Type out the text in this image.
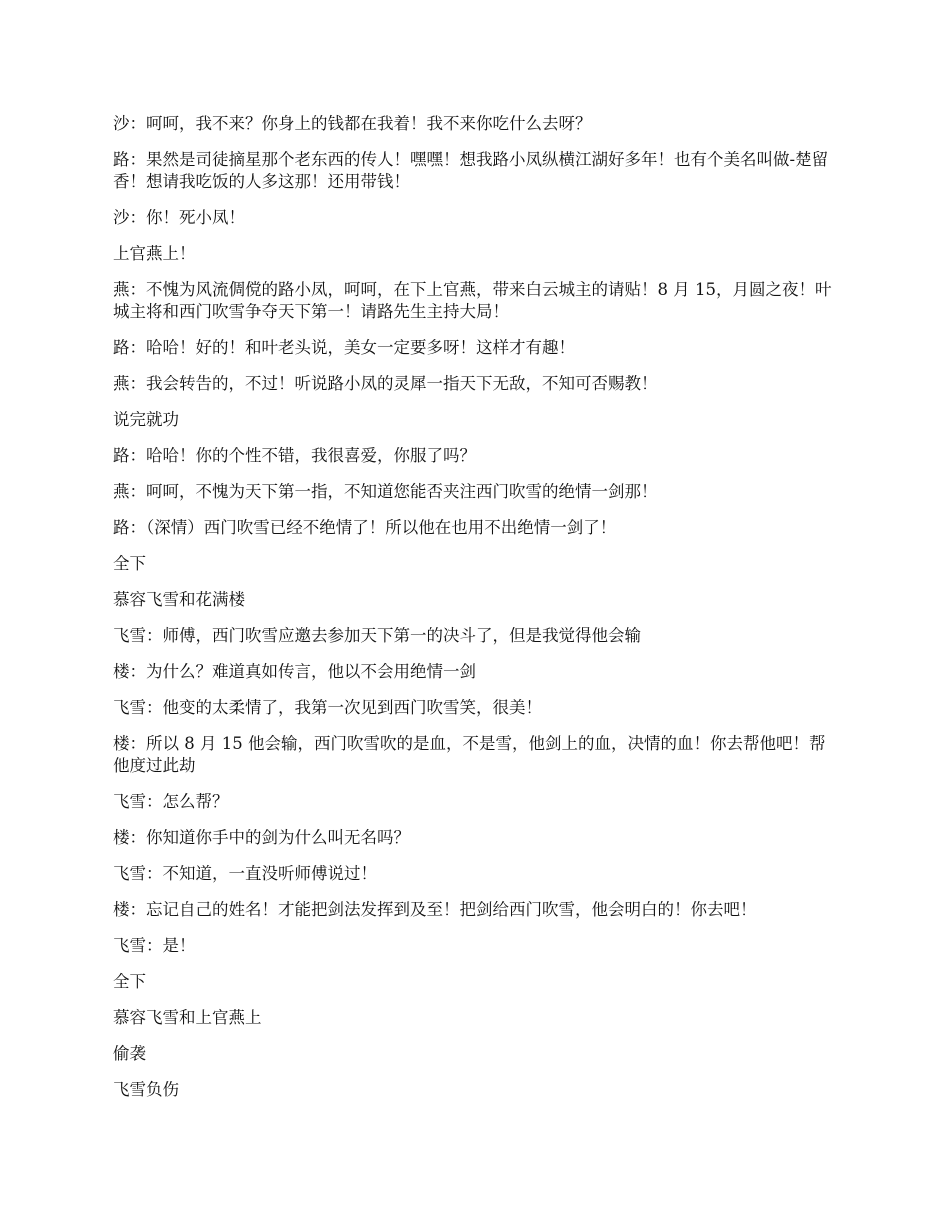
沙：呵呵，我不来？你身上的钱都在我着！我不来你吃什么去呀？

路：果然是司徒摘星那个老东西的传人！嘿嘿！想我路小凤纵横江湖好多年！也有个美名叫做-楚留香！想请我吃饭的人多这那！还用带钱！

沙：你！死小凤！

上官燕上！

燕：不愧为风流倜傥的路小凤，呵呵，在下上官燕，带来白云城主的请贴！8 月 15，月圆之夜！叶城主将和西门吹雪争夺天下第一！请路先生主持大局！

路：哈哈！好的！和叶老头说，美女一定要多呀！这样才有趣！

燕：我会转告的，不过！听说路小凤的灵犀一指天下无敌，不知可否赐教！

说完就功

路：哈哈！你的个性不错，我很喜爱，你服了吗？

燕：呵呵，不愧为天下第一指，不知道您能否夹注西门吹雪的绝情一剑那！

路：（深情）西门吹雪已经不绝情了！所以他在也用不出绝情一剑了！

全下

慕容飞雪和花满楼

飞雪：师傅，西门吹雪应邀去参加天下第一的决斗了，但是我觉得他会输

楼：为什么？难道真如传言，他以不会用绝情一剑

飞雪：他变的太柔情了，我第一次见到西门吹雪笑，很美！

楼：所以 8 月 15 他会输，西门吹雪吹的是血，不是雪，他剑上的血，决情的血！你去帮他吧！帮他度过此劫

飞雪：怎么帮？

楼：你知道你手中的剑为什么叫无名吗？

飞雪：不知道，一直没听师傅说过！

楼：忘记自己的姓名！才能把剑法发挥到及至！把剑给西门吹雪，他会明白的！你去吧！

飞雪：是！

全下

慕容飞雪和上官燕上

偷袭

飞雪负伤
